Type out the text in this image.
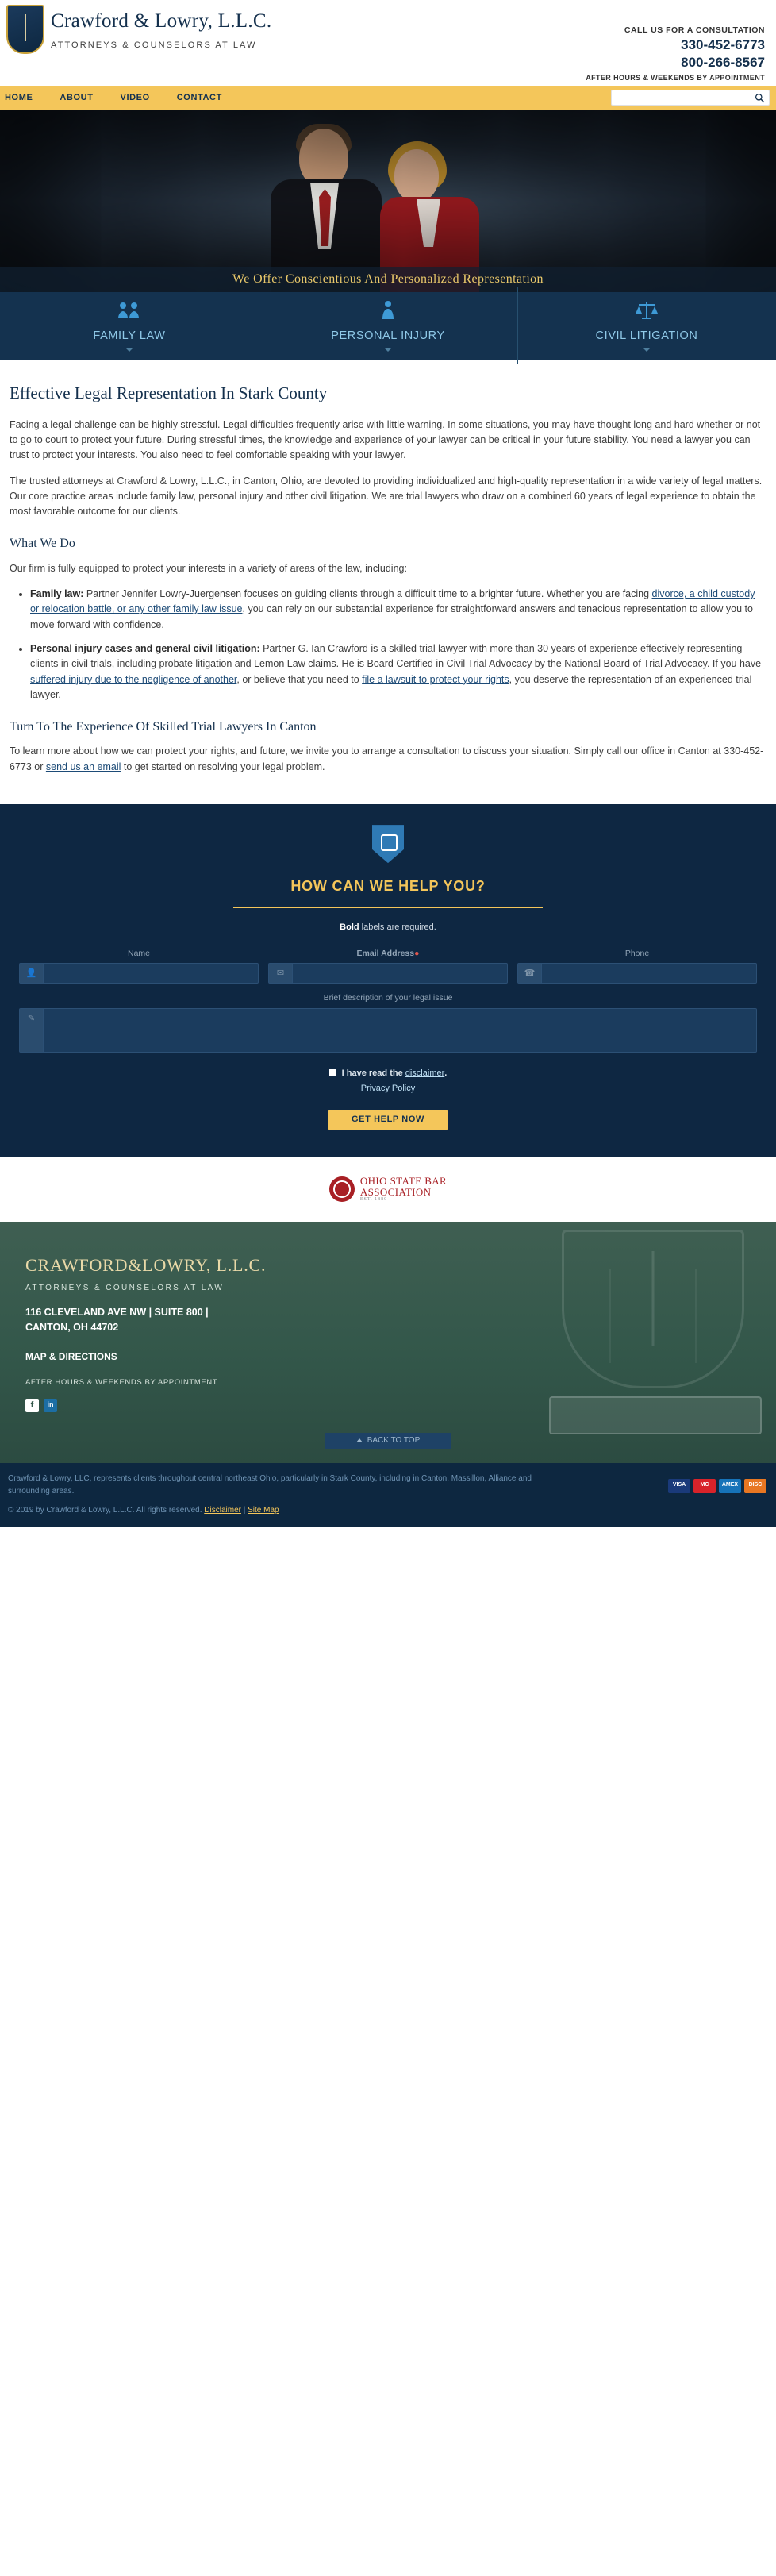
Crawford & Lowry, L.L.C.
ATTORNEYS & COUNSELORS AT LAW
CALL US FOR A CONSULTATION
330-452-6773
800-266-8567
AFTER HOURS & WEEKENDS BY APPOINTMENT
HOME	ABOUT	VIDEO	CONTACT
We Offer Conscientious And Personalized Representation
FAMILY LAW	PERSONAL INJURY	CIVIL LITIGATION
Effective Legal Representation In Stark County

Facing a legal challenge can be highly stressful. Legal difficulties frequently arise with little warning. In some situations, you may have thought long and hard whether or not to go to court to protect your future. During stressful times, the knowledge and experience of your lawyer can be critical in your future stability. You need a lawyer you can trust to protect your interests. You also need to feel comfortable speaking with your lawyer.

The trusted attorneys at Crawford & Lowry, L.L.C., in Canton, Ohio, are devoted to providing individualized and high-quality representation in a wide variety of legal matters. Our core practice areas include family law, personal injury and other civil litigation. We are trial lawyers who draw on a combined 60 years of legal experience to obtain the most favorable outcome for our clients.

What We Do

Our firm is fully equipped to protect your interests in a variety of areas of the law, including:

• Family law: Partner Jennifer Lowry-Juergensen focuses on guiding clients through a difficult time to a brighter future. Whether you are facing divorce, a child custody or relocation battle, or any other family law issue, you can rely on our substantial experience for straightforward answers and tenacious representation to allow you to move forward with confidence.
• Personal injury cases and general civil litigation: Partner G. Ian Crawford is a skilled trial lawyer with more than 30 years of experience effectively representing clients in civil trials, including probate litigation and Lemon Law claims. He is Board Certified in Civil Trial Advocacy by the National Board of Trial Advocacy. If you have suffered injury due to the negligence of another, or believe that you need to file a lawsuit to protect your rights, you deserve the representation of an experienced trial lawyer.
Turn To The Experience Of Skilled Trial Lawyers In Canton

To learn more about how we can protect your rights, and future, we invite you to arrange a consultation to discuss your situation. Simply call our office in Canton at 330-452-6773 or send us an email to get started on resolving your legal problem.

HOW CAN WE HELP YOU?
Bold labels are required.
Name
👤
Email Address●
✉
Phone
☎
Brief description of your legal issue
✎
I have read the disclaimer.
Privacy Policy
GET HELP NOW
OHIO STATE BAR
ASSOCIATION
EST. 1880
CRAWFORD&LOWRY, L.L.C.
ATTORNEYS & COUNSELORS AT LAW
116 CLEVELAND AVE NW | SUITE 800 |
CANTON, OH 44702
MAP & DIRECTIONS
AFTER HOURS & WEEKENDS BY APPOINTMENT
f	in
BACK TO TOP
Crawford & Lowry, LLC, represents clients throughout central northeast Ohio, particularly in Stark County, including in Canton, Massillon, Alliance and surrounding areas.
© 2019 by Crawford & Lowry, L.L.C. All rights reserved. Disclaimer | Site Map
VISA	MC	AMEX	DISC
